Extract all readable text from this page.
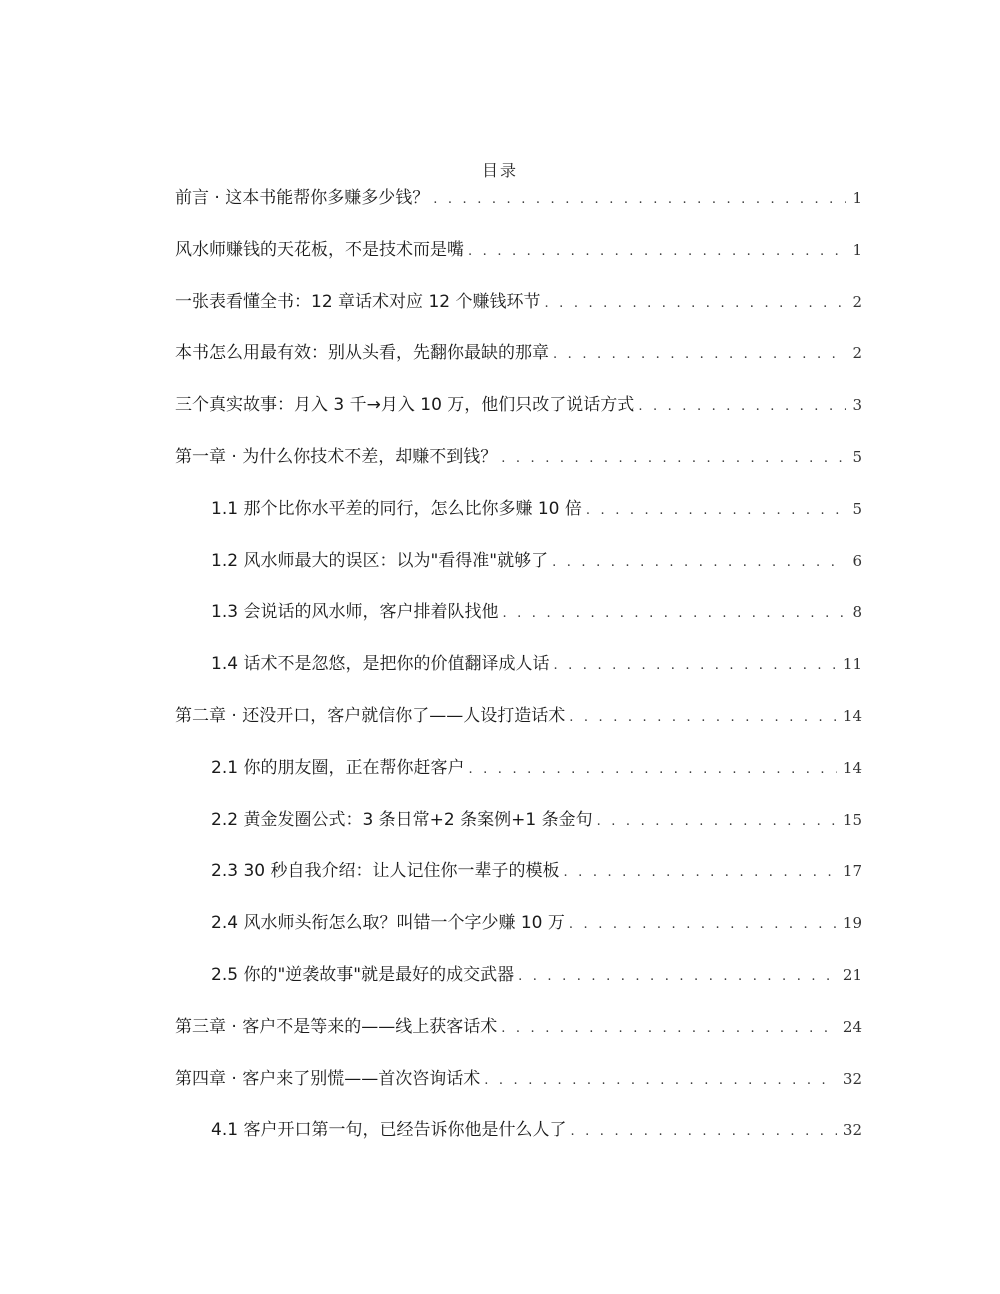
目录
前言 · 这本书能帮你多赚多少钱？ . . .	1
风水师赚钱的天花板，不是技术而是嘴 . . .	1
一张表看懂全书：12 章话术对应 12 个赚钱环节 . . .	2
本书怎么用最有效：别从头看，先翻你最缺的那章 . . .	2
三个真实故事：月入 3 千→月入 10 万，他们只改了说话方式 . . .	3
第一章 · 为什么你技术不差，却赚不到钱？ . . .	5
1.1 那个比你水平差的同行，怎么比你多赚 10 倍 . . .	5
1.2 风水师最大的误区：以为"看得准"就够了 . . .	6
1.3 会说话的风水师，客户排着队找他 . . .	8
1.4 话术不是忽悠，是把你的价值翻译成人话 . . .	11
第二章 · 还没开口，客户就信你了——人设打造话术 . . .	14
2.1 你的朋友圈，正在帮你赶客户 . . .	14
2.2 黄金发圈公式：3 条日常+2 条案例+1 条金句 . . .	15
2.3 30 秒自我介绍：让人记住你一辈子的模板 . . .	17
2.4 风水师头衔怎么取？叫错一个字少赚 10 万 . . .	19
2.5 你的"逆袭故事"就是最好的成交武器 . . .	21
第三章 · 客户不是等来的——线上获客话术 . . .	24
第四章 · 客户来了别慌——首次咨询话术 . . .	32
4.1 客户开口第一句，已经告诉你他是什么人了 . . .	32
